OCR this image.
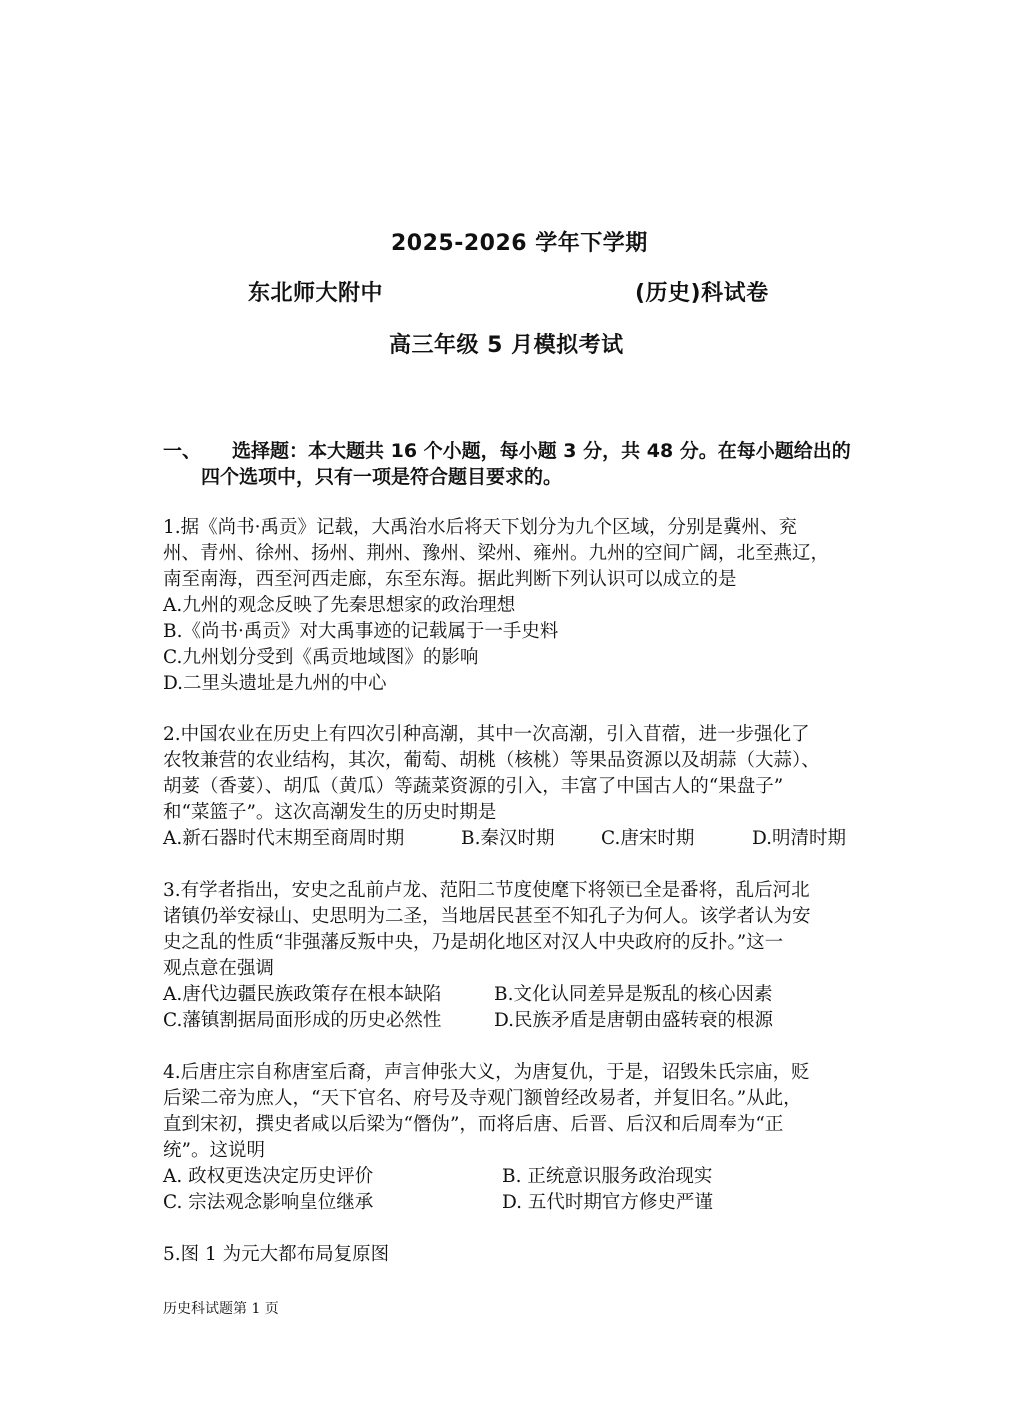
2025-2026 学年下学期
东北师大附中	(历史)科试卷
高三年级 5 月模拟考试
一、 选择题：本大题共 16 个小题，每小题 3 分，共 48 分。在每小题给出的
四个选项中，只有一项是符合题目要求的。
1.据《尚书·禹贡》记载，大禹治水后将天下划分为九个区域，分别是冀州、兖
州、青州、徐州、扬州、荆州、豫州、梁州、雍州。九州的空间广阔，北至燕辽，
南至南海，西至河西走廊，东至东海。据此判断下列认识可以成立的是
A.九州的观念反映了先秦思想家的政治理想
B.《尚书·禹贡》对大禹事迹的记载属于一手史料
C.九州划分受到《禹贡地域图》的影响
D.二里头遗址是九州的中心
2.中国农业在历史上有四次引种高潮，其中一次高潮，引入苜蓿，进一步强化了
农牧兼营的农业结构，其次，葡萄、胡桃（核桃）等果品资源以及胡蒜（大蒜）、
胡荽（香荽）、胡瓜（黄瓜）等蔬菜资源的引入，丰富了中国古人的“果盘子”
和“菜篮子”。这次高潮发生的历史时期是
A.新石器时代末期至商周时期	B.秦汉时期	C.唐宋时期	D.明清时期
3.有学者指出，安史之乱前卢龙、范阳二节度使麾下将领已全是番将，乱后河北
诸镇仍举安禄山、史思明为二圣，当地居民甚至不知孔子为何人。该学者认为安
史之乱的性质“非强藩反叛中央，乃是胡化地区对汉人中央政府的反扑。”这一
观点意在强调
A.唐代边疆民族政策存在根本缺陷	B.文化认同差异是叛乱的核心因素
C.藩镇割据局面形成的历史必然性	D.民族矛盾是唐朝由盛转衰的根源
4.后唐庄宗自称唐室后裔，声言伸张大义，为唐复仇，于是，诏毁朱氏宗庙，贬
后梁二帝为庶人，“天下官名、府号及寺观门额曾经改易者，并复旧名。”从此，
直到宋初，撰史者咸以后梁为“僭伪”，而将后唐、后晋、后汉和后周奉为“正
统”。这说明
A. 政权更迭决定历史评价	B. 正统意识服务政治现实
C. 宗法观念影响皇位继承	D. 五代时期官方修史严谨
5.图 1 为元大都布局复原图
历史科试题第 1 页
